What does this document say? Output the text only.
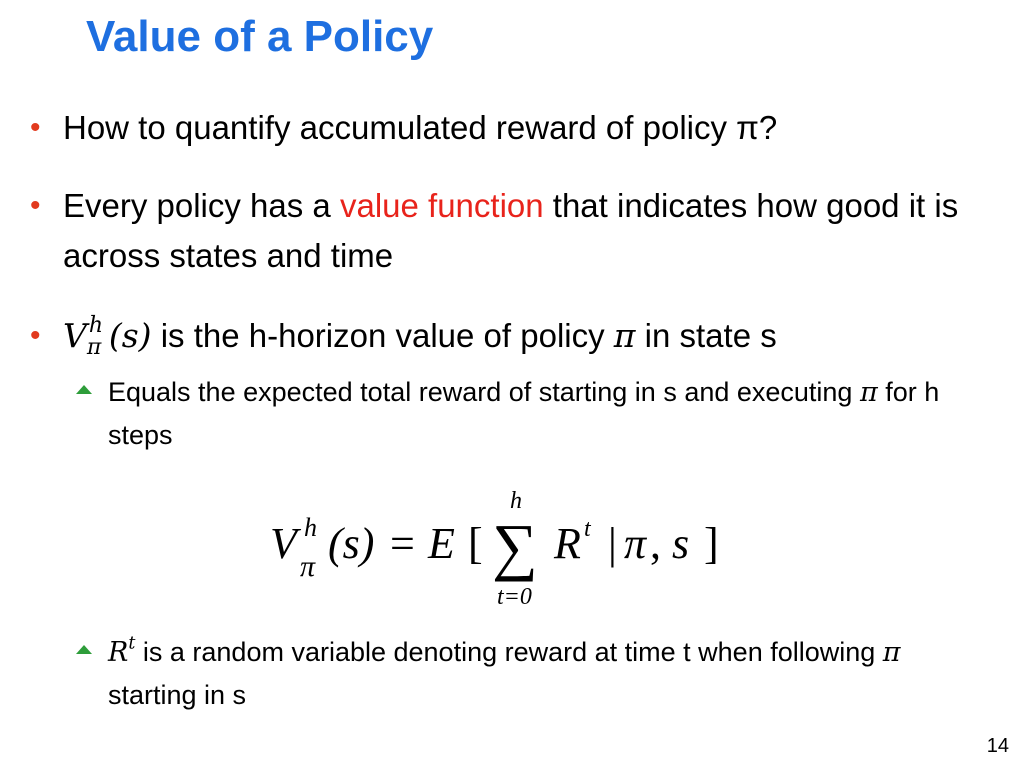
Value of a Policy
• How to quantify accumulated reward of policy π?
• Every policy has a value function that indicates how good it is across states and time
• V h
π (s) is the h-horizon value of policy π in state s
Equals the expected total reward of starting in s and executing π for h steps
V h
π (s) = E [ ∑
h
t=0
R t | π , s ]
$R^t$ is a random variable denoting reward at time t when following π starting in s
14
